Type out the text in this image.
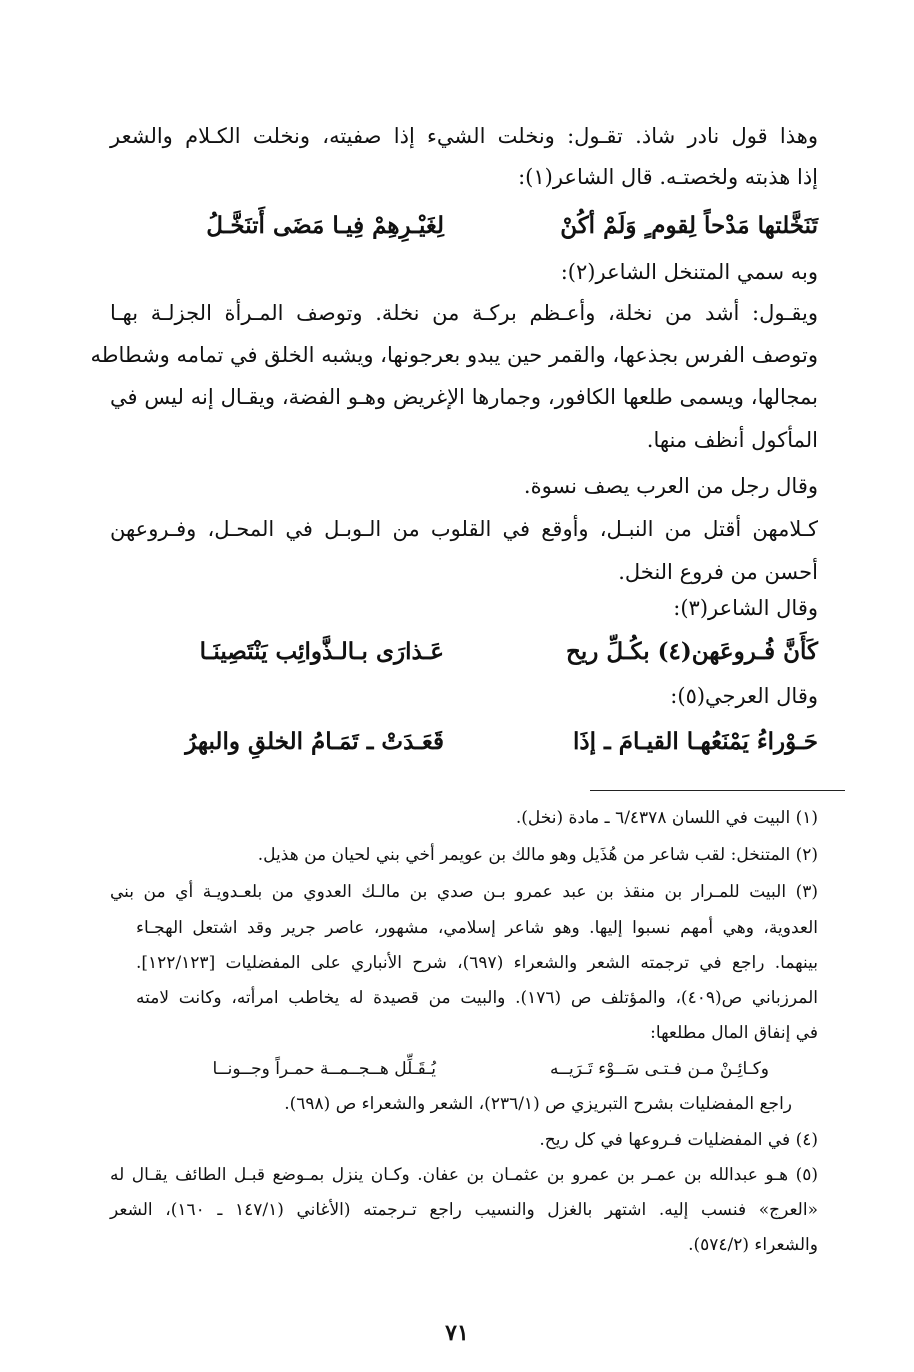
وهذا قول نادر شاذ. تقـول: ونخلت الشيء إذا صفيته، ونخلت الكـلام والشعر
إذا هذبته ولخصتـه. قال الشاعر(١):
تَنَخَّلتها مَدْحاً لِقوم ٍ وَلَمْ أكُنْ
لِغَيْـرِهِمْ فِيـا مَضَى أَتنَخَّـلُ
وبه سمي المتنخل الشاعر(٢):
ويقـول: أشد من نخلة، وأعـظم بركـة من نخلة. وتوصف المـرأة الجزلـة بهـا
وتوصف الفرس بجذعها، والقمر حين يبدو بعرجونها، ويشبه الخلق في تمامه وشطاطه
بمجالها، ويسمى طلعها الكافور، وجمارها الإغريض وهـو الفضة، ويقـال إنه ليس في
المأكول أنظف منها.
وقال رجل من العرب يصف نسوة.
كـلامهن أقتل من النبـل، وأوقع في القلوب من الـوبـل في المحـل، وفـروعهن
أحسن من فروع النخل.
وقال الشاعر(٣):
كَأَنَّ فُـروعَهن(٤) بكُـلِّ ريح
عَـذارَى بـالـذَّوائِب يَنْتَصِينَـا
وقال العرجي(٥):
حَـوْراءُ يَمْنَعُهـا القيـامَ ـ إذَا
قَعَـدَتْ ـ تَمَـامُ الخلقِ والبهرُ
(١) البيت في اللسان ٦/٤٣٧٨ ـ مادة (نخل).
(٢) المتنخل: لقب شاعر من هُذَيل وهو مالك بن عويمر أخي بني لحيان من هذيل.
(٣) البيت للمـرار بن منقذ بن عبد عمرو بـن صدي بن مالـك العدوي من بلعـدويـة أي من بني
العدوية، وهي أمهم نسبوا إليها. وهو شاعر إسلامي، مشهور، عاصر جرير وقد اشتعل الهجـاء
بينهما. راجع في ترجمته الشعر والشعراء (٦٩٧)، شرح الأنباري على المفضليات [١٢٢/١٢٣].
المرزباني ص(٤٠٩)، والمؤتلف ص (١٧٦). والبيت من قصيدة له يخاطب امرأته، وكانت لامته
في إنفاق المال مطلعها:
وكـائِـنْ مـن فـتـى سَــوْء تَـرَيــه
يُـقَـلِّل هــجــمــة حمـراً وجــونــا
راجع المفضليات بشرح التبريزي ص (٢٣٦/١)، الشعر والشعراء ص (٦٩٨).
(٤) في المفضليات فـروعها في كل ريح.
(٥) هـو عبدالله بن عمـر بن عمرو بن عثمـان بن عفان. وكـان ينزل بمـوضع قبـل الطائف يقـال له
«العرج» فنسب إليه. اشتهر بالغزل والنسيب راجع تـرجمته (الأغاني (١٤٧/١ ـ ١٦٠)، الشعر
والشعراء (٥٧٤/٢).
٧١
